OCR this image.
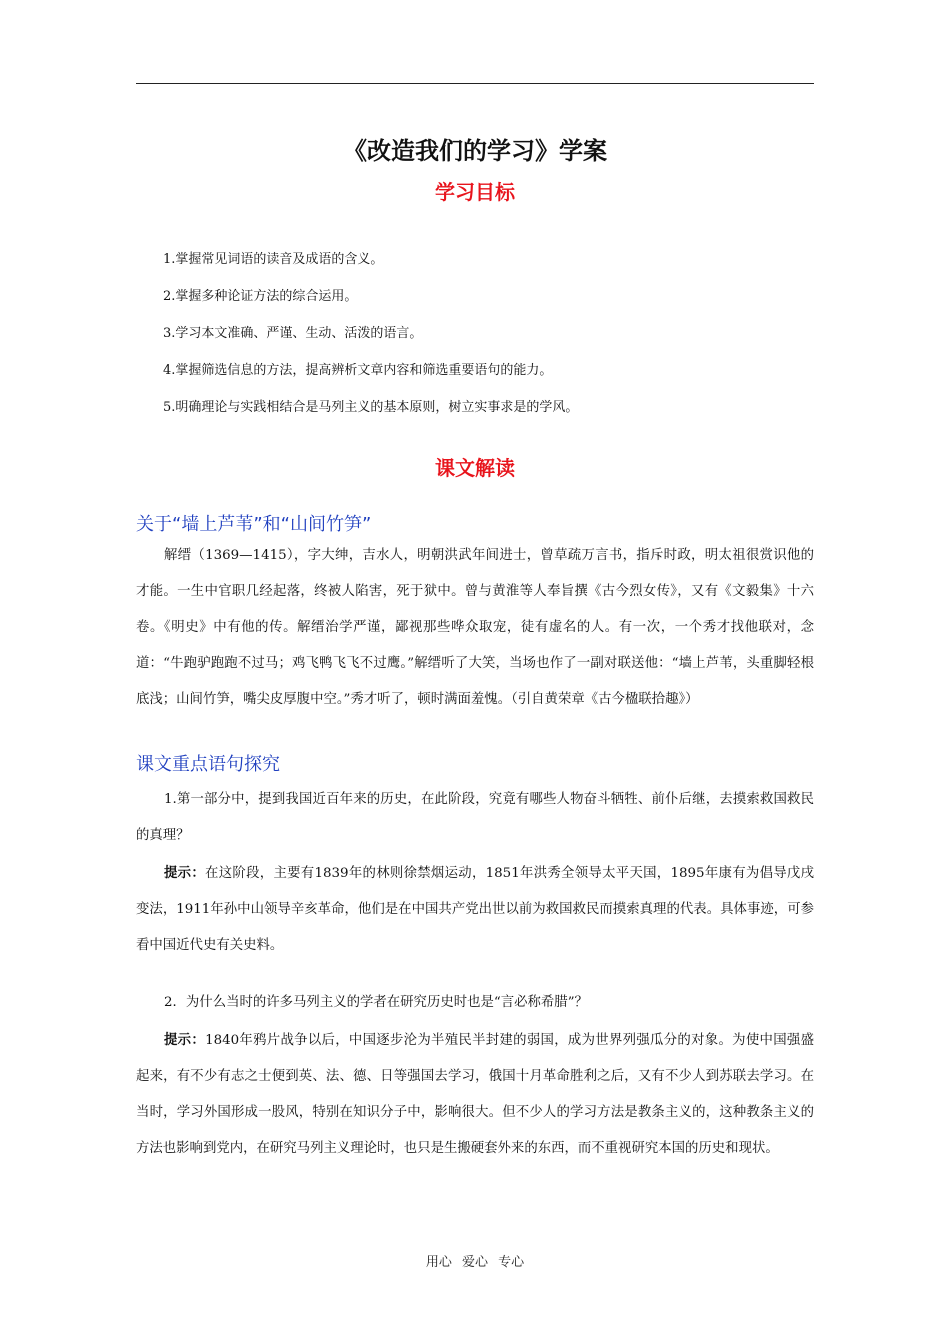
《改造我们的学习》学案
学习目标
1.掌握常见词语的读音及成语的含义。
2.掌握多种论证方法的综合运用。
3.学习本文准确、严谨、生动、活泼的语言。
4.掌握筛选信息的方法，提高辨析文章内容和筛选重要语句的能力。
5.明确理论与实践相结合是马列主义的基本原则，树立实事求是的学风。
课文解读
关于“墙上芦苇”和“山间竹笋”
解缙（1369—1415），字大绅，吉水人，明朝洪武年间进士，曾草疏万言书，指斥时政，明太祖很赏识他的才能。一生中官职几经起落，终被人陷害，死于狱中。曾与黄淮等人奉旨撰《古今烈女传》，又有《文毅集》十六卷。《明史》中有他的传。解缙治学严谨，鄙视那些哗众取宠，徒有虚名的人。有一次，一个秀才找他联对，念道：“牛跑驴跑跑不过马；鸡飞鸭飞飞不过鹰。”解缙听了大笑，当场也作了一副对联送他：“墙上芦苇，头重脚轻根底浅；山间竹笋，嘴尖皮厚腹中空。”秀才听了，顿时满面羞愧。（引自黄荣章《古今楹联拾趣》）
课文重点语句探究
1.第一部分中，提到我国近百年来的历史，在此阶段，究竟有哪些人物奋斗牺牲、前仆后继，去摸索救国救民的真理？
提示：在这阶段，主要有1839年的林则徐禁烟运动，1851年洪秀全领导太平天国，1895年康有为倡导戊戌变法，1911年孙中山领导辛亥革命，他们是在中国共产党出世以前为救国救民而摸索真理的代表。具体事迹，可参看中国近代史有关史料。
2．为什么当时的许多马列主义的学者在研究历史时也是“言必称希腊”？
提示：1840年鸦片战争以后，中国逐步沦为半殖民半封建的弱国，成为世界列强瓜分的对象。为使中国强盛起来，有不少有志之士便到英、法、德、日等强国去学习，俄国十月革命胜利之后，又有不少人到苏联去学习。在当时，学习外国形成一股风，特别在知识分子中，影响很大。但不少人的学习方法是教条主义的，这种教条主义的方法也影响到党内，在研究马列主义理论时，也只是生搬硬套外来的东西，而不重视研究本国的历史和现状。
用心 爱心 专心
